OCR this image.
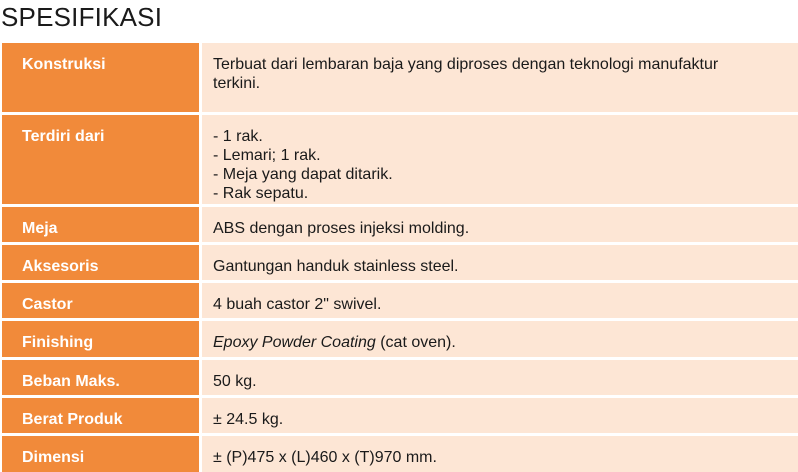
SPESIFIKASI
Konstruksi	Terbuat dari lembaran baja yang diproses dengan teknologi manufaktur
terkini.
Terdiri dari	- 1 rak.
- Lemari; 1 rak.
- Meja yang dapat ditarik.
- Rak sepatu.
Meja	ABS dengan proses injeksi molding.
Aksesoris	Gantungan handuk stainless steel.
Castor	4 buah castor 2" swivel.
Finishing	Epoxy Powder Coating (cat oven).
Beban Maks.	50 kg.
Berat Produk	± 24.5 kg.
Dimensi	± (P)475 x (L)460 x (T)970 mm.
